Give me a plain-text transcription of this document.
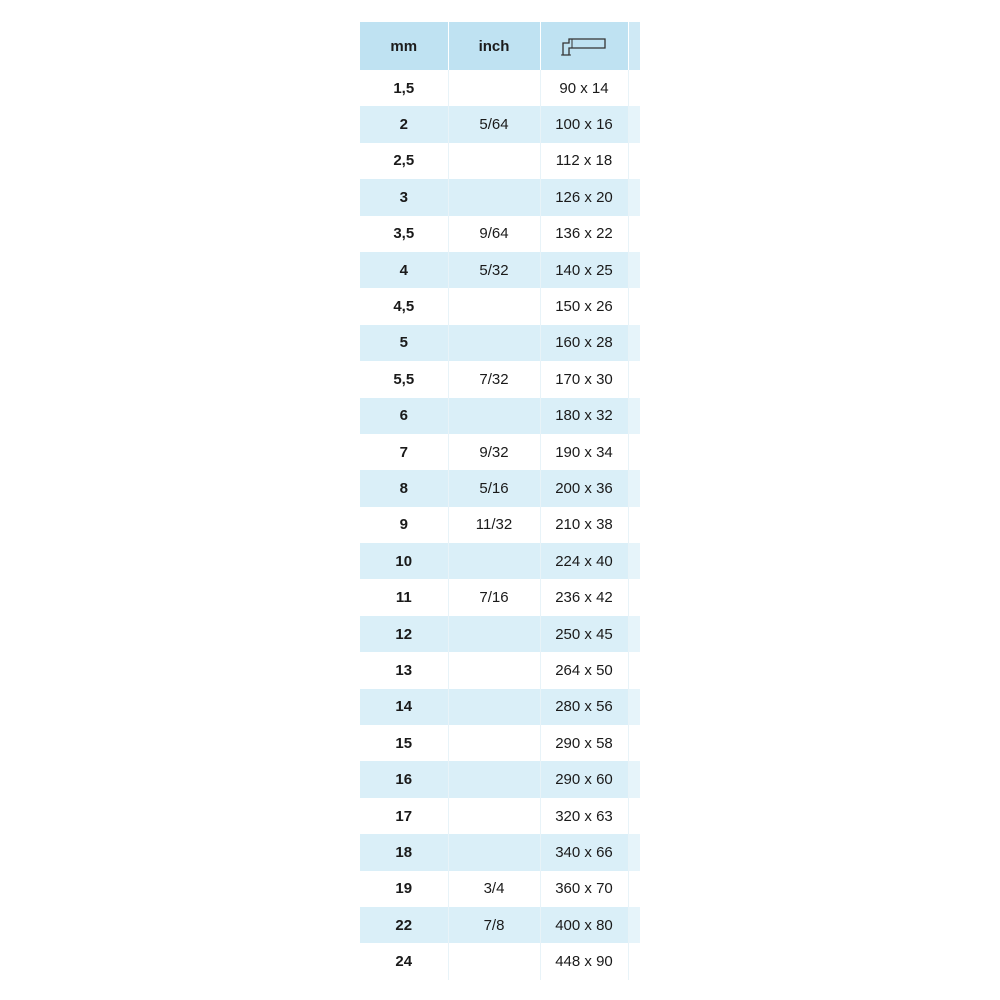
mm	inch		
1,5		90 x 14	
2	5/64	100 x 16	
2,5		112 x 18	
3		126 x 20	
3,5	9/64	136 x 22	
4	5/32	140 x 25	
4,5		150 x 26	
5		160 x 28	
5,5	7/32	170 x 30	
6		180 x 32	
7	9/32	190 x 34	
8	5/16	200 x 36	
9	11/32	210 x 38	
10		224 x 40	
11	7/16	236 x 42	
12		250 x 45	
13		264 x 50	
14		280 x 56	
15		290 x 58	
16		290 x 60	
17		320 x 63	
18		340 x 66	
19	3/4	360 x 70	
22	7/8	400 x 80	
24		448 x 90	
